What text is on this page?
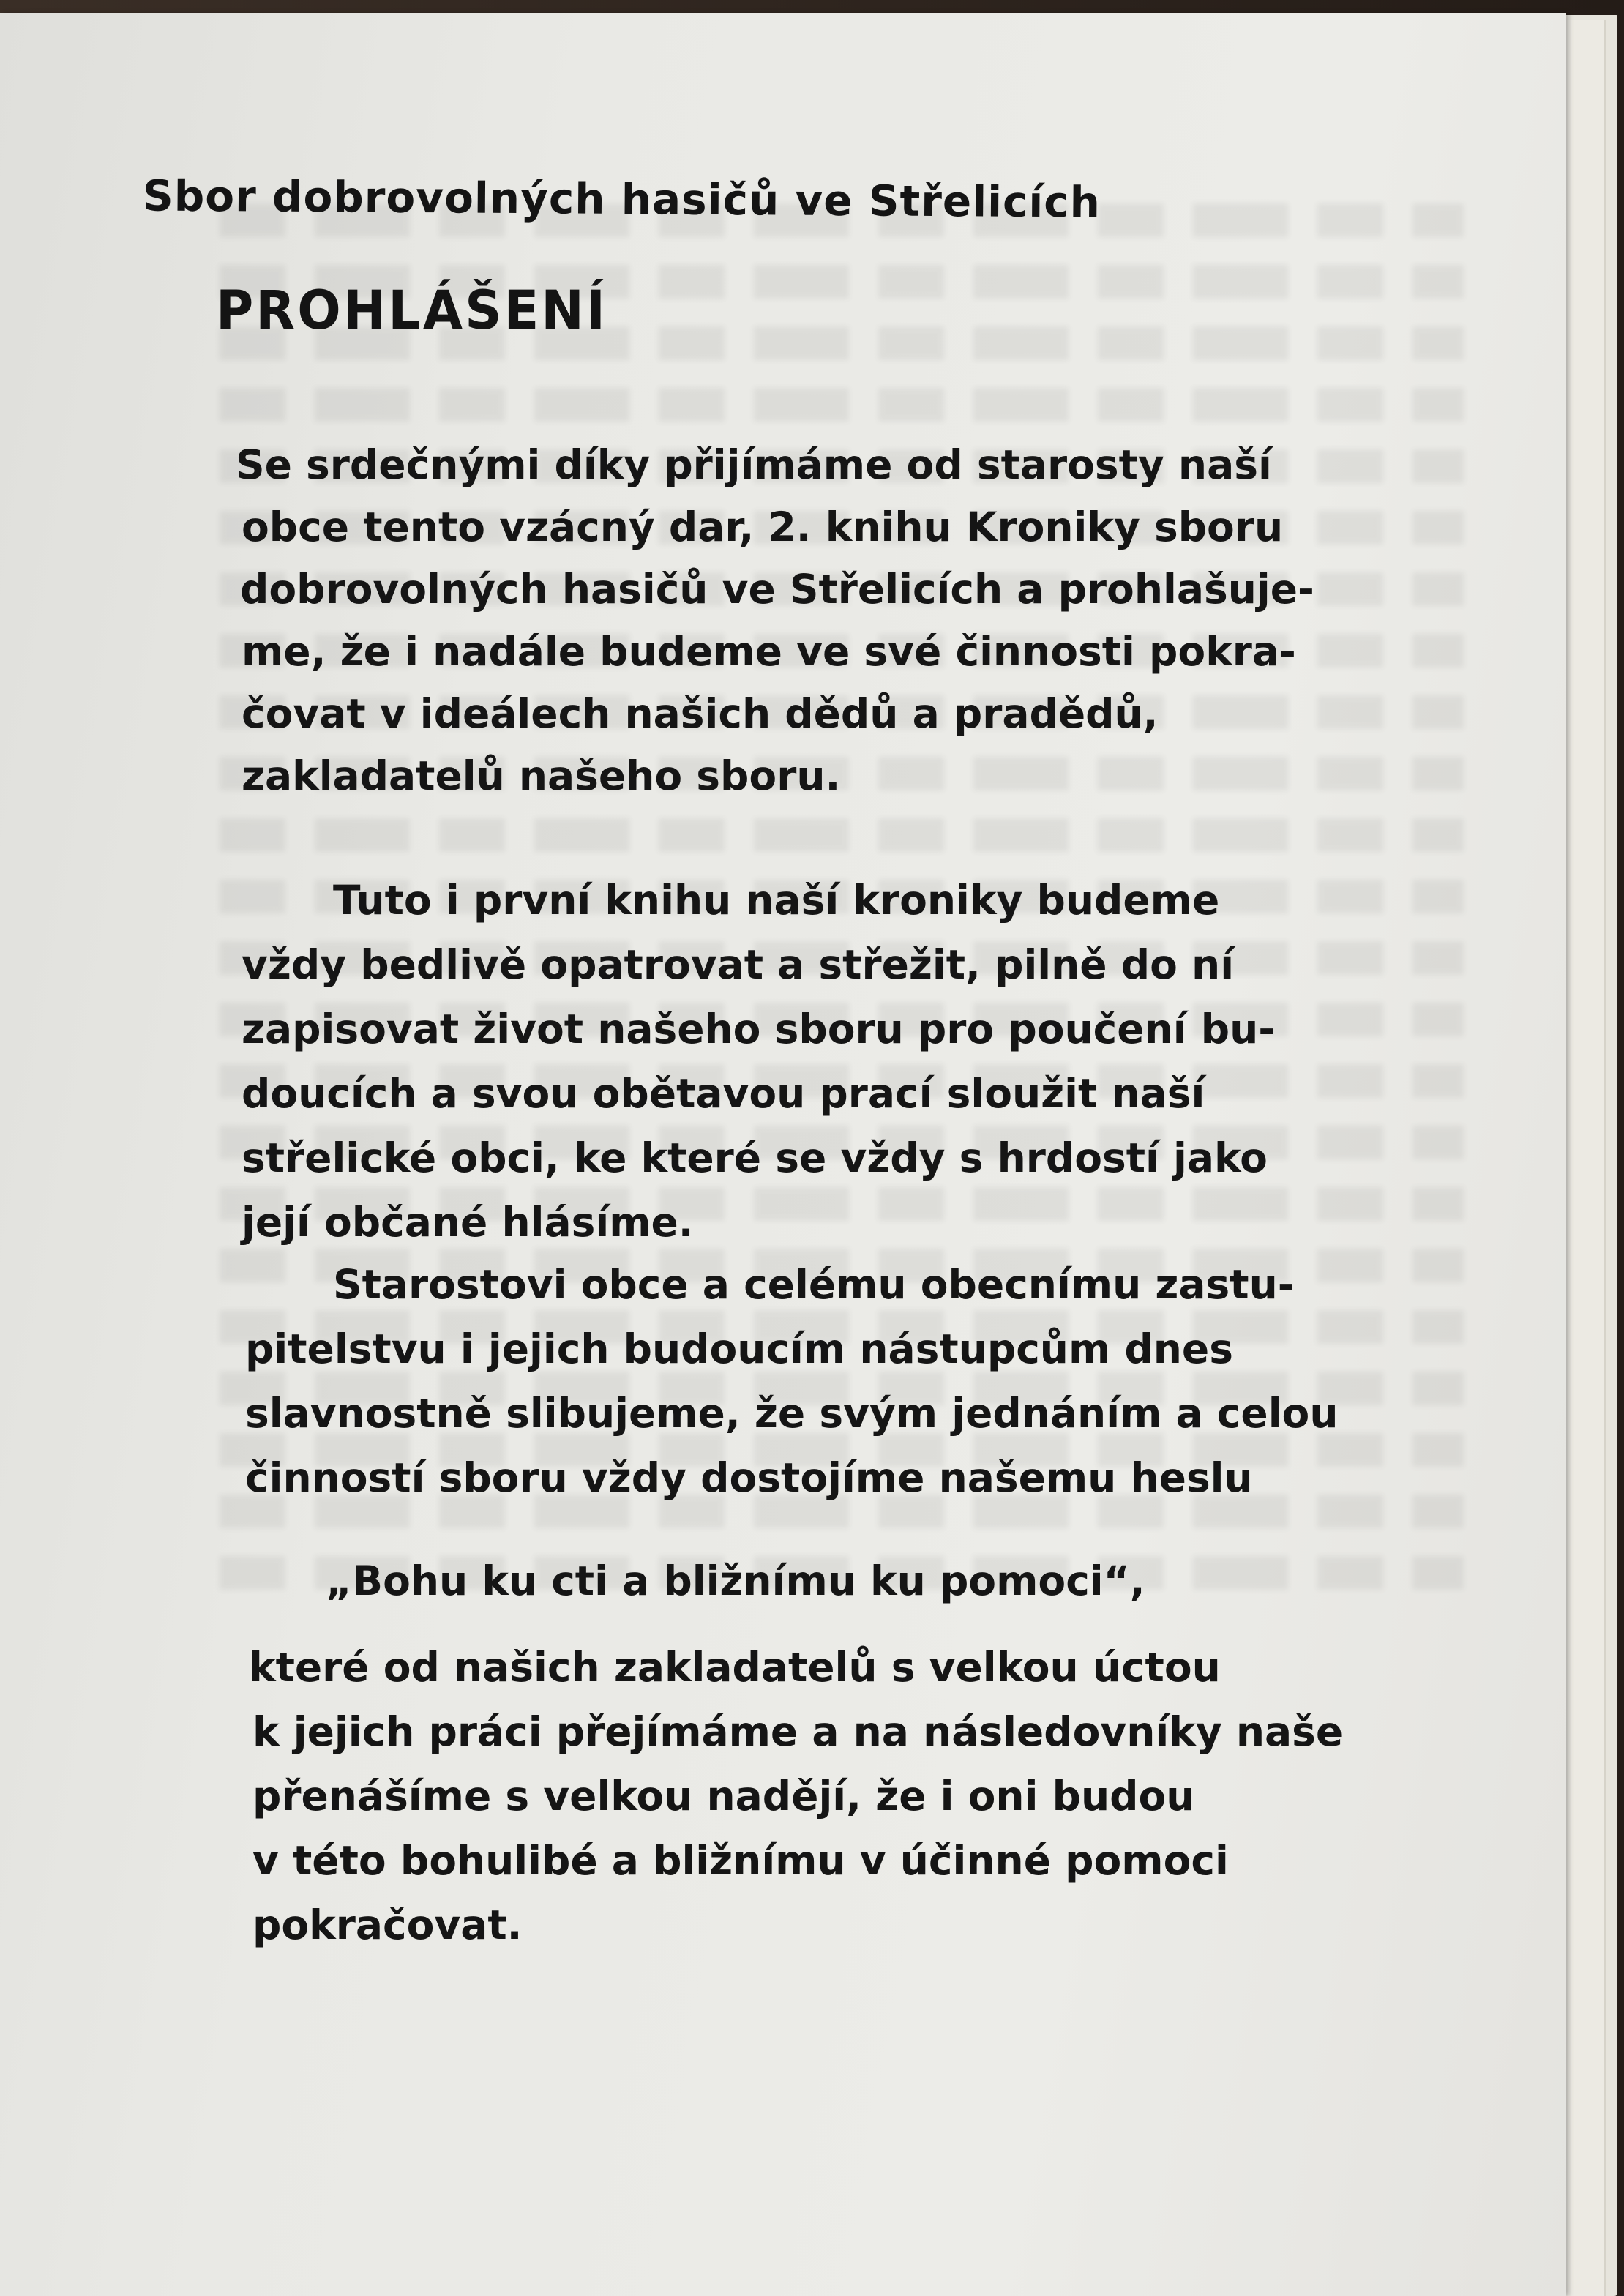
Sbor dobrovolných hasičů ve Střelicích
PROHLÁŠENÍ
Se srdečnými díky přijímáme od starosty naší
obce tento vzácný dar, 2. knihu Kroniky sboru
dobrovolných hasičů ve Střelicích a prohlašuje-
me, že i nadále budeme ve své činnosti pokra-
čovat v ideálech našich dědů a pradědů,
zakladatelů našeho sboru.
Tuto i první knihu naší kroniky budeme
vždy bedlivě opatrovat a střežit, pilně do ní
zapisovat život našeho sboru pro poučení bu-
doucích a svou obětavou prací sloužit naší
střelické obci, ke které se vždy s hrdostí jako
její občané hlásíme.
Starostovi obce a celému obecnímu zastu-
pitelstvu i jejich budoucím nástupcům dnes
slavnostně slibujeme, že svým jednáním a celou
činností sboru vždy dostojíme našemu heslu
„Bohu ku cti a bližnímu ku pomoci“,
které od našich zakladatelů s velkou úctou
k jejich práci přejímáme a na následovníky naše
přenášíme s velkou nadějí, že i oni budou
v této bohulibé a bližnímu v účinné pomoci
pokračovat.
